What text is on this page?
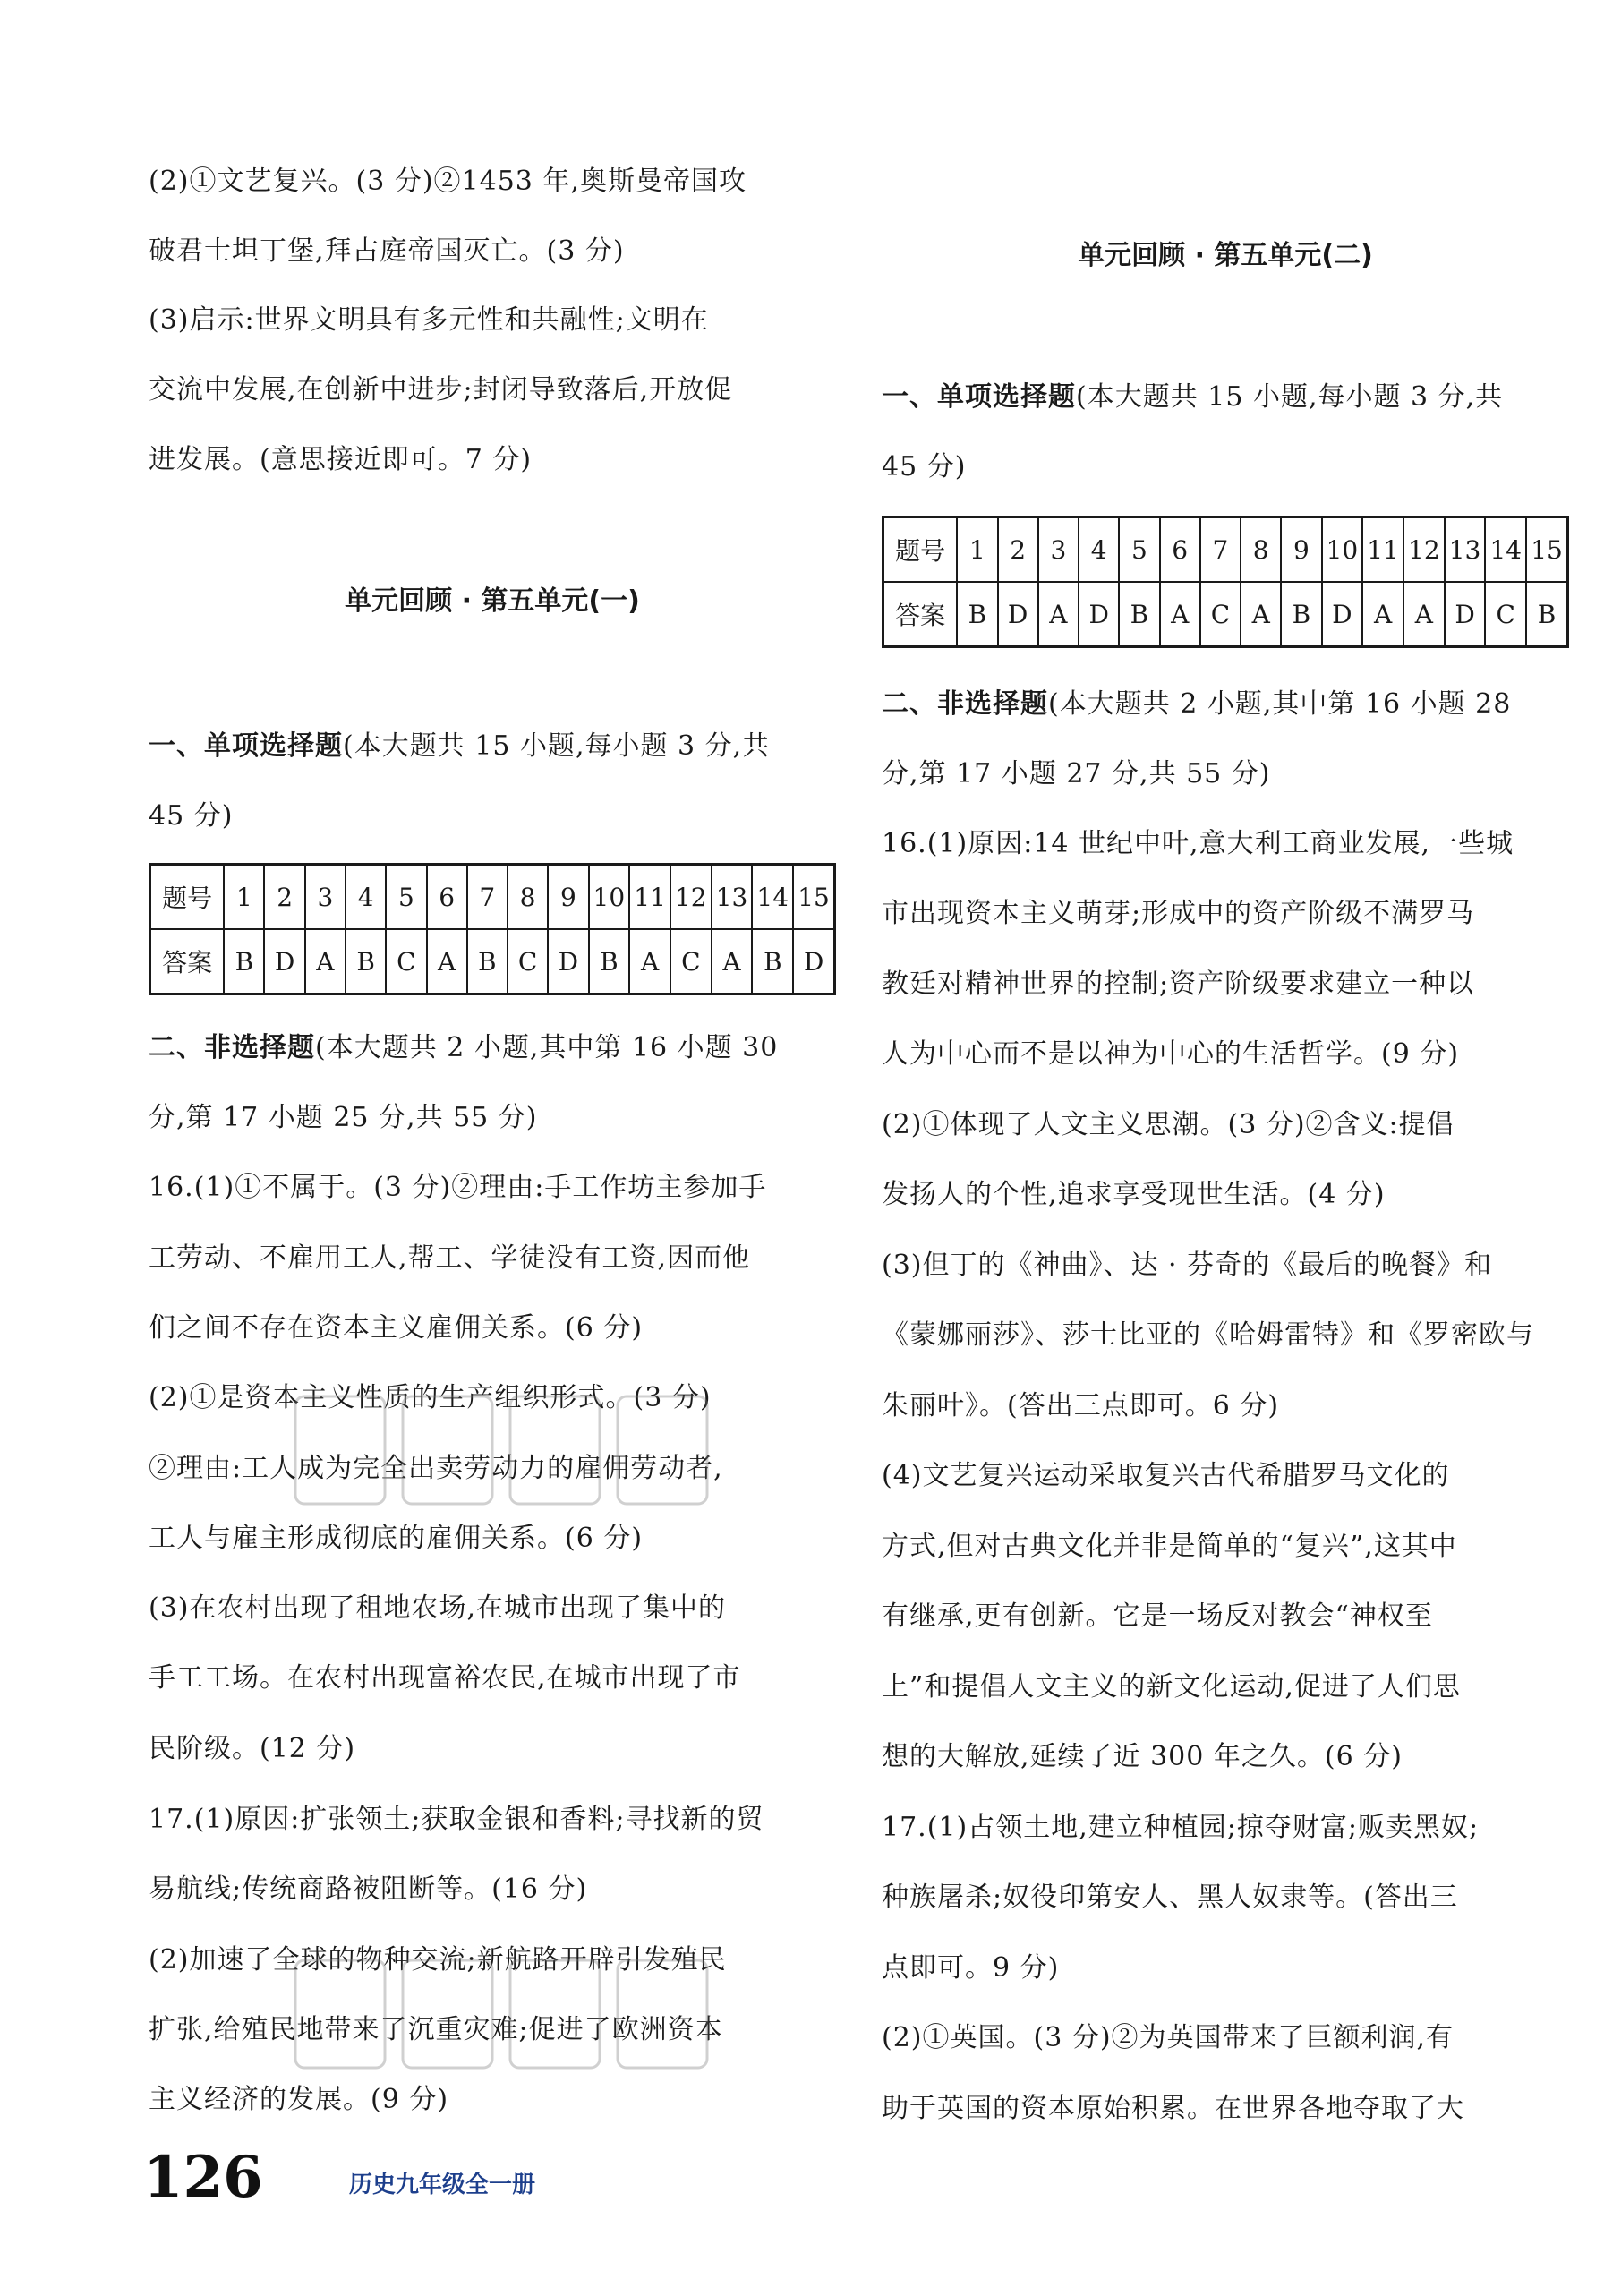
(2)①文艺复兴。(3 分)②1453 年,奥斯曼帝国攻
破君士坦丁堡,拜占庭帝国灭亡。(3 分)
(3)启示:世界文明具有多元性和共融性;文明在
交流中发展,在创新中进步;封闭导致落后,开放促
进发展。(意思接近即可。7 分)
单元回顾 · 第五单元(一)
一、单项选择题(本大题共 15 小题,每小题 3 分,共
45 分)
题号	1	2	3	4	5	6	7	8	9	10	11	12	13	14	15
答案	B	D	A	B	C	A	B	C	D	B	A	C	A	B	D
二、非选择题(本大题共 2 小题,其中第 16 小题 30
分,第 17 小题 25 分,共 55 分)
16.(1)①不属于。(3 分)②理由:手工作坊主参加手
工劳动、不雇用工人,帮工、学徒没有工资,因而他
们之间不存在资本主义雇佣关系。(6 分)
(2)①是资本主义性质的生产组织形式。(3 分)
②理由:工人成为完全出卖劳动力的雇佣劳动者,
工人与雇主形成彻底的雇佣关系。(6 分)
(3)在农村出现了租地农场,在城市出现了集中的
手工工场。在农村出现富裕农民,在城市出现了市
民阶级。(12 分)
17.(1)原因:扩张领土;获取金银和香料;寻找新的贸
易航线;传统商路被阻断等。(16 分)
(2)加速了全球的物种交流;新航路开辟引发殖民
扩张,给殖民地带来了沉重灾难;促进了欧洲资本
主义经济的发展。(9 分)
单元回顾 · 第五单元(二)
一、单项选择题(本大题共 15 小题,每小题 3 分,共
45 分)
题号	1	2	3	4	5	6	7	8	9	10	11	12	13	14	15
答案	B	D	A	D	B	A	C	A	B	D	A	A	D	C	B
二、非选择题(本大题共 2 小题,其中第 16 小题 28
分,第 17 小题 27 分,共 55 分)
16.(1)原因:14 世纪中叶,意大利工商业发展,一些城
市出现资本主义萌芽;形成中的资产阶级不满罗马
教廷对精神世界的控制;资产阶级要求建立一种以
人为中心而不是以神为中心的生活哲学。(9 分)
(2)①体现了人文主义思潮。(3 分)②含义:提倡
发扬人的个性,追求享受现世生活。(4 分)
(3)但丁的《神曲》、达 · 芬奇的《最后的晚餐》和
《蒙娜丽莎》、莎士比亚的《哈姆雷特》和《罗密欧与
朱丽叶》。(答出三点即可。6 分)
(4)文艺复兴运动采取复兴古代希腊罗马文化的
方式,但对古典文化并非是简单的“复兴”,这其中
有继承,更有创新。它是一场反对教会“神权至
上”和提倡人文主义的新文化运动,促进了人们思
想的大解放,延续了近 300 年之久。(6 分)
17.(1)占领土地,建立种植园;掠夺财富;贩卖黑奴;
种族屠杀;奴役印第安人、黑人奴隶等。(答出三
点即可。9 分)
(2)①英国。(3 分)②为英国带来了巨额利润,有
助于英国的资本原始积累。在世界各地夺取了大
126	历史九年级全一册
